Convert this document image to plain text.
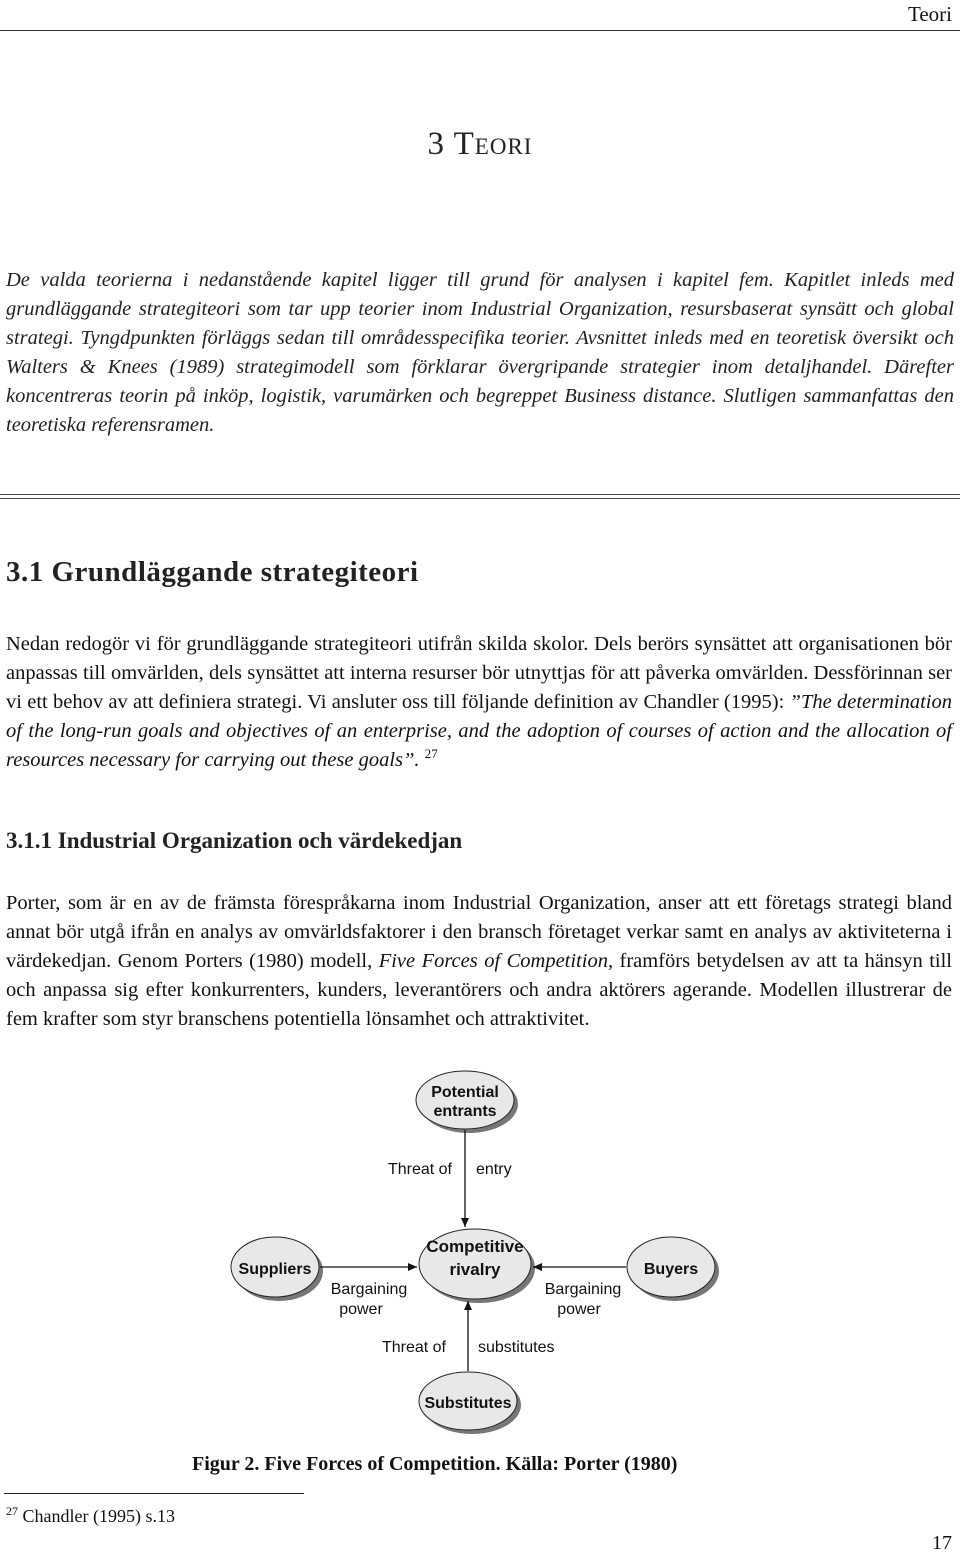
Teori
3 Teori
De valda teorierna i nedanstående kapitel ligger till grund för analysen i kapitel fem. Kapitlet inleds med grundläggande strategiteori som tar upp teorier inom Industrial Organization, resursbaserat synsätt och global strategi. Tyngdpunkten förläggs sedan till områdesspecifika teorier. Avsnittet inleds med en teoretisk översikt och Walters & Knees (1989) strategimodell som förklarar övergripande strategier inom detaljhandel. Därefter koncentreras teorin på inköp, logistik, varumärken och begreppet Business distance. Slutligen sammanfattas den teoretiska referensramen.
3.1 Grundläggande strategiteori
Nedan redogör vi för grundläggande strategiteori utifrån skilda skolor. Dels berörs synsättet att organisationen bör anpassas till omvärlden, dels synsättet att interna resurser bör utnyttjas för att påverka omvärlden. Dessförinnan ser vi ett behov av att definiera strategi. Vi ansluter oss till följande definition av Chandler (1995): ”The determination of the long-run goals and objectives of an enterprise, and the adoption of courses of action and the allocation of resources necessary for carrying out these goals”. $^{27}$
3.1.1 Industrial Organization och värdekedjan
Porter, som är en av de främsta förespråkarna inom Industrial Organization, anser att ett företags strategi bland annat bör utgå ifrån en analys av omvärldsfaktorer i den bransch företaget verkar samt en analys av aktiviteterna i värdekedjan. Genom Porters (1980) modell, Five Forces of Competition, framförs betydelsen av att ta hänsyn till och anpassa sig efter konkurrenters, kunders, leverantörers och andra aktörers agerande. Modellen illustrerar de fem krafter som styr branschens potentiella lönsamhet och attraktivitet.
Potential
entrants
Competitive
rivalry
Suppliers	Buyers
Substitutes
Threat of entry
Threat of substitutes
Bargaining
power
Bargaining
power
Figur 2. Five Forces of Competition. Källa: Porter (1980)
$^{27}$ Chandler (1995) s.13
17
